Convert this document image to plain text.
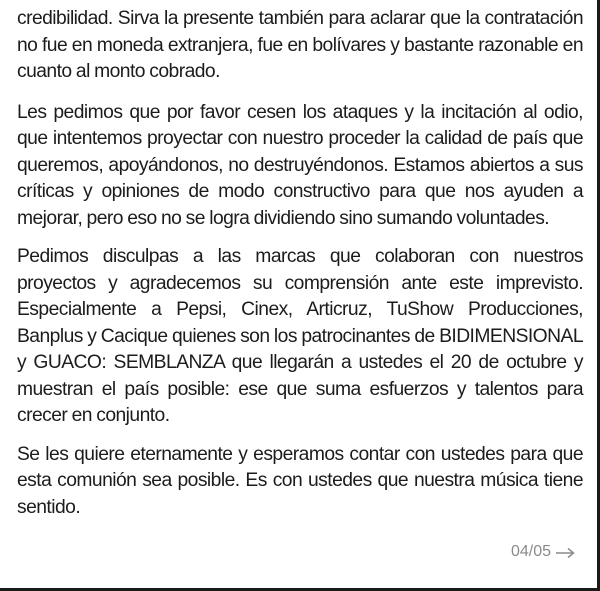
credibilidad. Sirva la presente también para aclarar que la contratación no fue en moneda extranjera, fue en bolívares y bastante razonable en cuanto al monto cobrado.

Les pedimos que por favor cesen los ataques y la incitación al odio, que intentemos proyectar con nuestro proceder la calidad de país que queremos, apoyándonos, no destruyéndonos. Estamos abiertos a sus críticas y opiniones de modo constructivo para que nos ayuden a mejorar, pero eso no se logra dividiendo sino sumando voluntades.

Pedimos disculpas a las marcas que colaboran con nuestros proyectos y agradecemos su comprensión ante este imprevisto. Especialmente a Pepsi, Cinex, Articruz, TuShow Producciones, Banplus y Cacique quienes son los patrocinantes de BIDIMENSIONAL y GUACO: SEMBLANZA que llegarán a ustedes el 20 de octubre y muestran el país posible: ese que suma esfuerzos y talentos para crecer en conjunto.

Se les quiere eternamente y esperamos contar con ustedes para que esta comunión sea posible. Es con ustedes que nuestra música tiene sentido.

04/05
